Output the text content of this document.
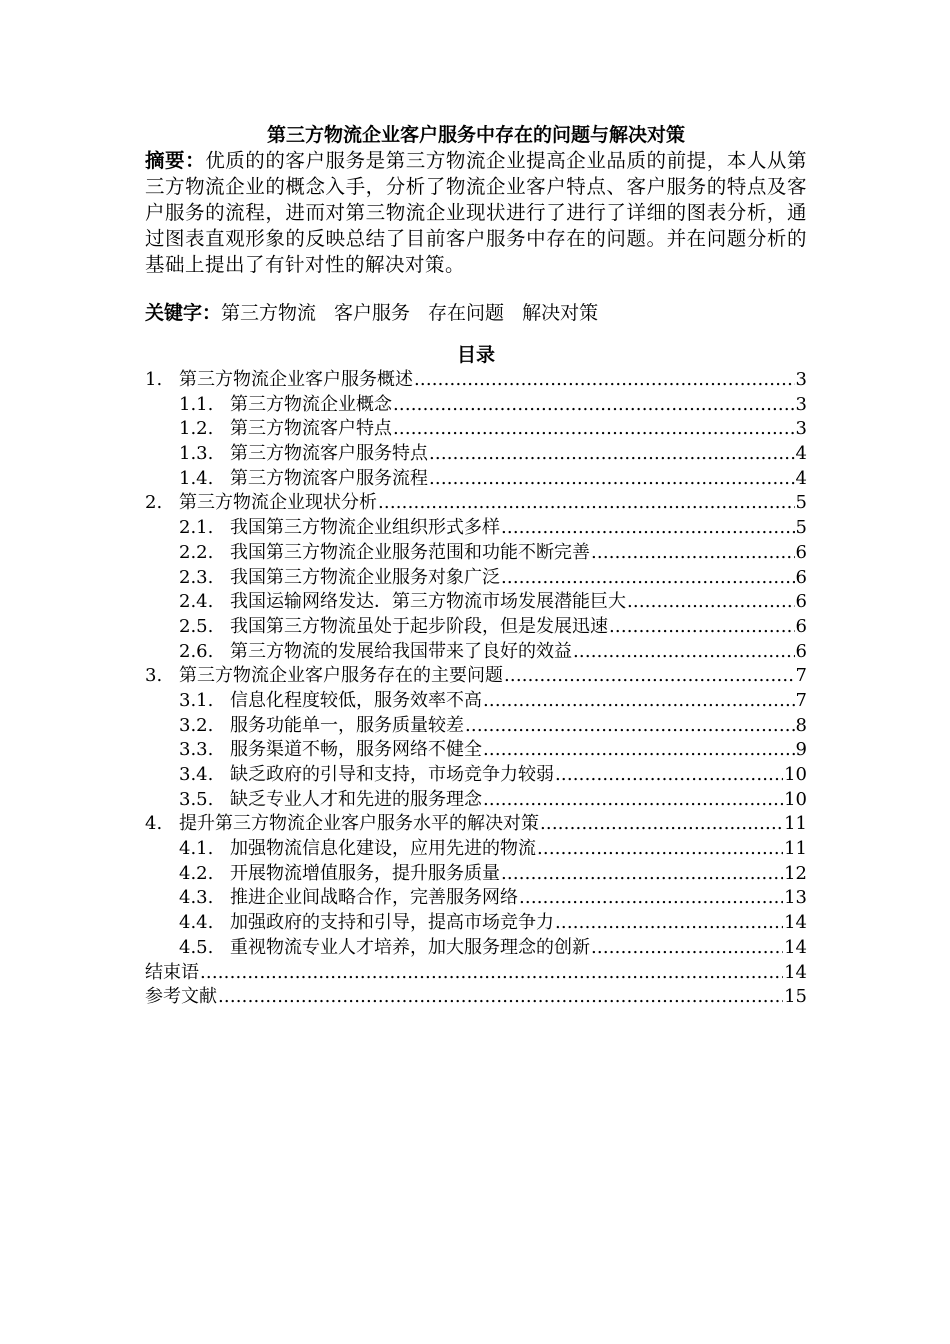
第三方物流企业客户服务中存在的问题与解决对策

摘要：优质的的客户服务是第三方物流企业提高企业品质的前提，本人从第三方物流企业的概念入手，分析了物流企业客户特点、客户服务的特点及客户服务的流程，进而对第三物流企业现状进行了进行了详细的图表分析，通过图表直观形象的反映总结了目前客户服务中存在的问题。并在问题分析的基础上提出了有针对性的解决对策。

关键字：第三方物流 客户服务 存在问题 解决对策

目录
1. 第三方物流企业客户服务概述 .....	3
1.1. 第三方物流企业概念 .....	3
1.2. 第三方物流客户特点 .....	3
1.3. 第三方物流客户服务特点 .....	4
1.4. 第三方物流客户服务流程 .....	4
2. 第三方物流企业现状分析 .....	5
2.1. 我国第三方物流企业组织形式多样 .....	5
2.2. 我国第三方物流企业服务范围和功能不断完善 .....	6
2.3. 我国第三方物流企业服务对象广泛 .....	6
2.4. 我国运输网络发达．第三方物流市场发展潜能巨大 .....	6
2.5. 我国第三方物流虽处于起步阶段，但是发展迅速 .....	6
2.6. 第三方物流的发展给我国带来了良好的效益 .....	6
3. 第三方物流企业客户服务存在的主要问题 .....	7
3.1. 信息化程度较低，服务效率不高 .....	7
3.2. 服务功能单一，服务质量较差 .....	8
3.3. 服务渠道不畅，服务网络不健全 .....	9
3.4. 缺乏政府的引导和支持，市场竞争力较弱 .....	10
3.5. 缺乏专业人才和先进的服务理念 .....	10
4. 提升第三方物流企业客户服务水平的解决对策 .....	11
4.1. 加强物流信息化建设，应用先进的物流 .....	11
4.2. 开展物流增值服务，提升服务质量 .....	12
4.3. 推进企业间战略合作，完善服务网络 .....	13
4.4. 加强政府的支持和引导，提高市场竞争力 .....	14
4.5. 重视物流专业人才培养，加大服务理念的创新 .....	14
结束语 .....	14
参考文献 .....	15
